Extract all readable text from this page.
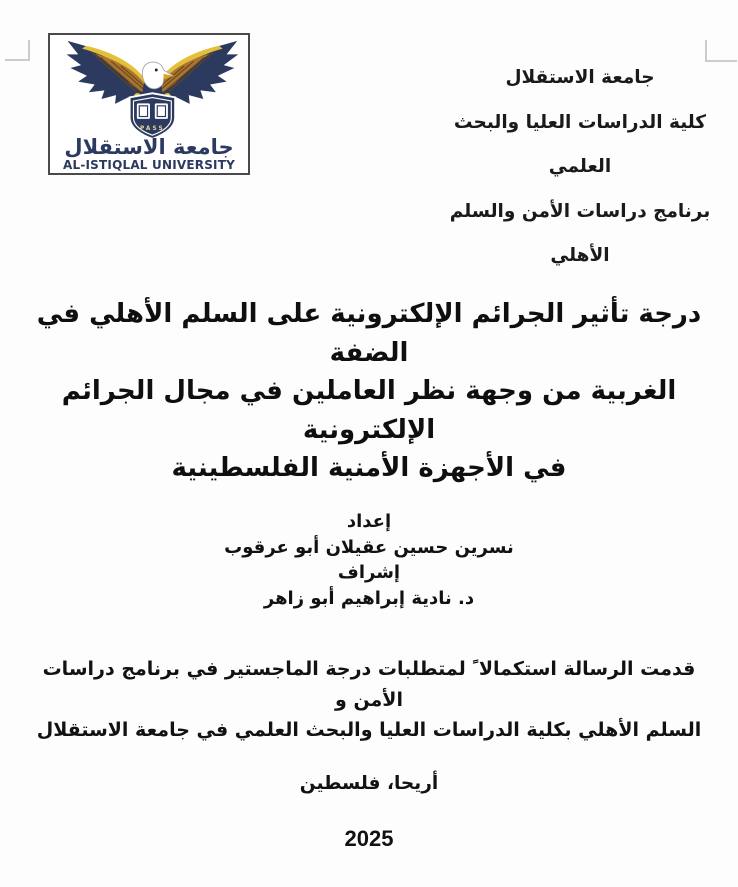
PASS
جامعة الاستقلال
AL-ISTIQLAL UNIVERSITY
جامعة الاستقلال
كلية الدراسات العليا والبحث العلمي
برنامج دراسات الأمن والسلم الأهلي
درجة تأثير الجرائم الإلكترونية على السلم الأهلي في الضفة
الغربية من وجهة نظر العاملين في مجال الجرائم الإلكترونية
في الأجهزة الأمنية الفلسطينية
إعداد
نسرين حسين عقيلان أبو عرقوب
إشراف
د. نادية إبراهيم أبو زاهر
قدمت الرسالة استكمالا ً لمتطلبات درجة الماجستير في برنامج دراسات الأمن و
السلم الأهلي بكلية الدراسات العليا والبحث العلمي في جامعة الاستقلال
أريحا، فلسطين
2025
